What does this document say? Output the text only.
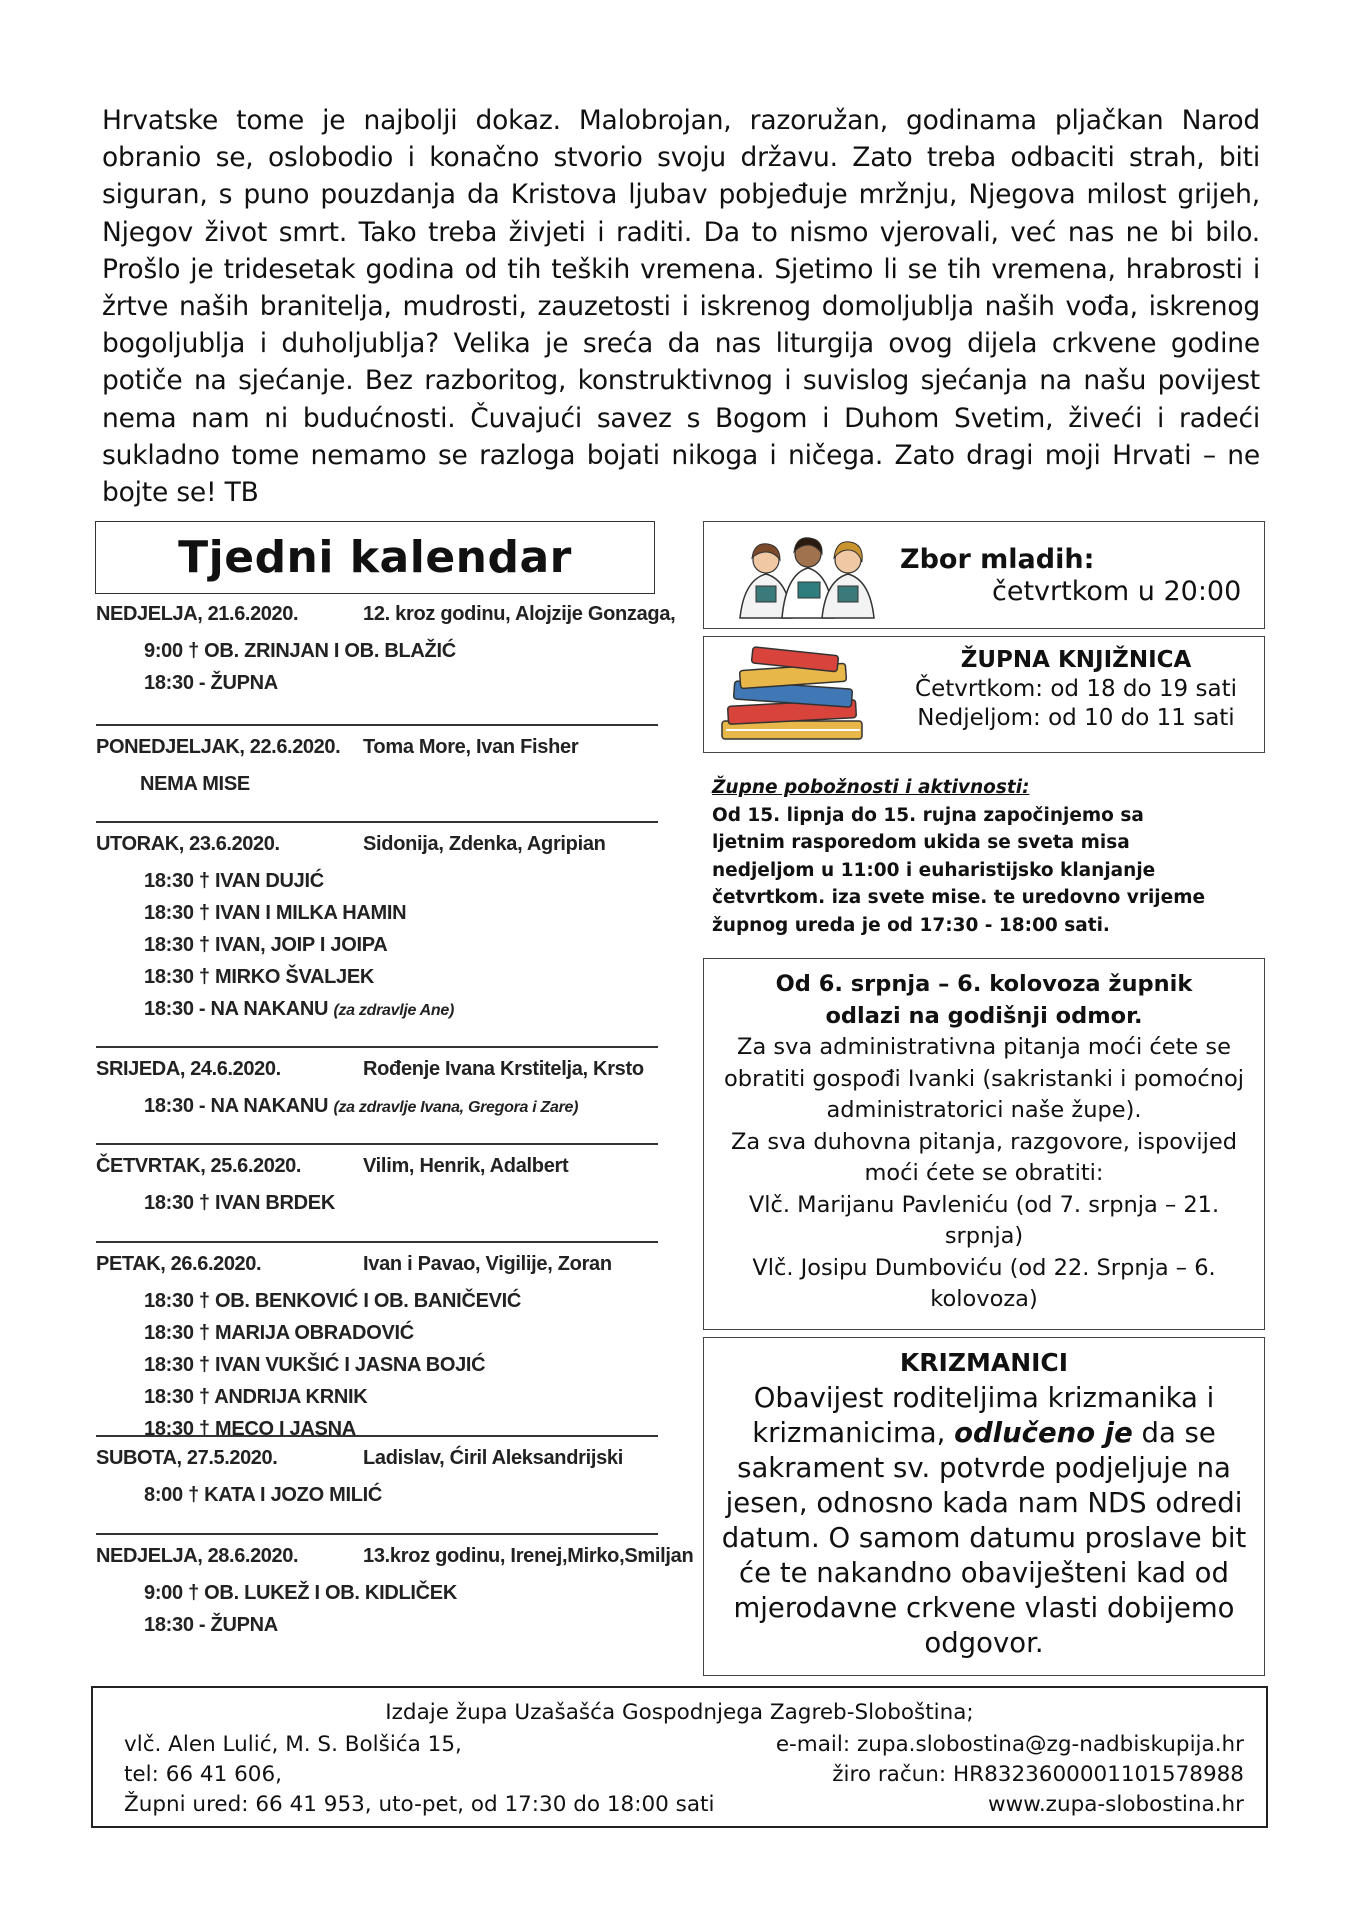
Hrvatske tome je najbolji dokaz. Malobrojan, razoružan, godinama pljačkan Narod obranio se, oslobodio i konačno stvorio svoju državu. Zato treba odbaciti strah, biti siguran, s puno pouzdanja da Kristova ljubav pobjeđuje mržnju, Njegova milost grijeh, Njegov život smrt. Tako treba živjeti i raditi. Da to nismo vjerovali, već nas ne bi bilo. Prošlo je tridesetak godina od tih teških vremena. Sjetimo li se tih vremena, hrabrosti i žrtve naših branitelja, mudrosti, zauzetosti i iskrenog domoljublja naših vođa, iskrenog bogoljublja i duholjublja? Velika je sreća da nas liturgija ovog dijela crkvene godine potiče na sjećanje. Bez razboritog, konstruktivnog i suvislog sjećanja na našu povijest nema nam ni budućnosti. Čuvajući savez s Bogom i Duhom Svetim, živeći i radeći sukladno tome nemamo se razloga bojati nikoga i ničega. Zato dragi moji Hrvati – ne bojte se! TB

Tjedni kalendar
NEDJELJA, 21.6.2020.	12. kroz godinu, Alojzije Gonzaga,
9:00 † OB. ZRINJAN I OB. BLAŽIĆ
18:30 - ŽUPNA
PONEDJELJAK, 22.6.2020. Toma More, Ivan Fisher
NEMA MISE
UTORAK, 23.6.2020.	Sidonija, Zdenka, Agripian
18:30 † IVAN DUJIĆ
18:30 † IVAN I MILKA HAMIN
18:30 † IVAN, JOIP I JOIPA
18:30 † MIRKO ŠVALJEK
18:30 - NA NAKANU (za zdravlje Ane)
SRIJEDA, 24.6.2020.	Rođenje Ivana Krstitelja, Krsto
18:30 - NA NAKANU (za zdravlje Ivana, Gregora i Zare)
ČETVRTAK, 25.6.2020.	Vilim, Henrik, Adalbert
18:30 † IVAN BRDEK
PETAK, 26.6.2020.	Ivan i Pavao, Vigilije, Zoran
18:30 † OB. BENKOVIĆ I OB. BANIČEVIĆ
18:30 † MARIJA OBRADOVIĆ
18:30 † IVAN VUKŠIĆ I JASNA BOJIĆ
18:30 † ANDRIJA KRNIK
18:30 † MECO I JASNA
SUBOTA, 27.5.2020.	Ladislav, Ćiril Aleksandrijski
8:00 † KATA I JOZO MILIĆ
NEDJELJA, 28.6.2020.	13.kroz godinu, Irenej,Mirko,Smiljan
9:00 † OB. LUKEŽ I OB. KIDLIČEK
18:30 - ŽUPNA
Zbor mladih:
četvrtkom u 20:00
ŽUPNA KNJIŽNICA
Četvrtkom: od 18 do 19 sati
Nedjeljom: od 10 do 11 sati
Župne pobožnosti i aktivnosti:
Od 15. lipnja do 15. rujna započinjemo sa
ljetnim rasporedom ukida se sveta misa
nedjeljom u 11:00 i euharistijsko klanjanje
četvrtkom. iza svete mise. te uredovno vrijeme
župnog ureda je od 17:30 - 18:00 sati.
Od 6. srpnja – 6. kolovoza župnik
odlazi na godišnji odmor.
Za sva administrativna pitanja moći ćete se obratiti gospođi Ivanki (sakristanki i pomoćnoj administratorici naše župe).
Za sva duhovna pitanja, razgovore, ispovijed moći ćete se obratiti:
Vlč. Marijanu Pavleniću (od 7. srpnja – 21. srpnja)
Vlč. Josipu Dumboviću (od 22. Srpnja – 6. kolovoza)
KRIZMANICI
Obavijest roditeljima krizmanika i krizmanicima, odlučeno je da se sakrament sv. potvrde podjeljuje na jesen, odnosno kada nam NDS odredi datum. O samom datumu proslave bit će te nakandno obaviješteni kad od mjerodavne crkvene vlasti dobijemo odgovor.
Izdaje župa Uzašašća Gospodnjega Zagreb-Sloboština;
vlč. Alen Lulić, M. S. Bolšića 15,
tel: 66 41 606,
Župni ured: 66 41 953, uto-pet, od 17:30 do 18:00 sati
e-mail: zupa.slobostina@zg-nadbiskupija.hr
žiro račun: HR8323600001101578988
www.zupa-slobostina.hr
